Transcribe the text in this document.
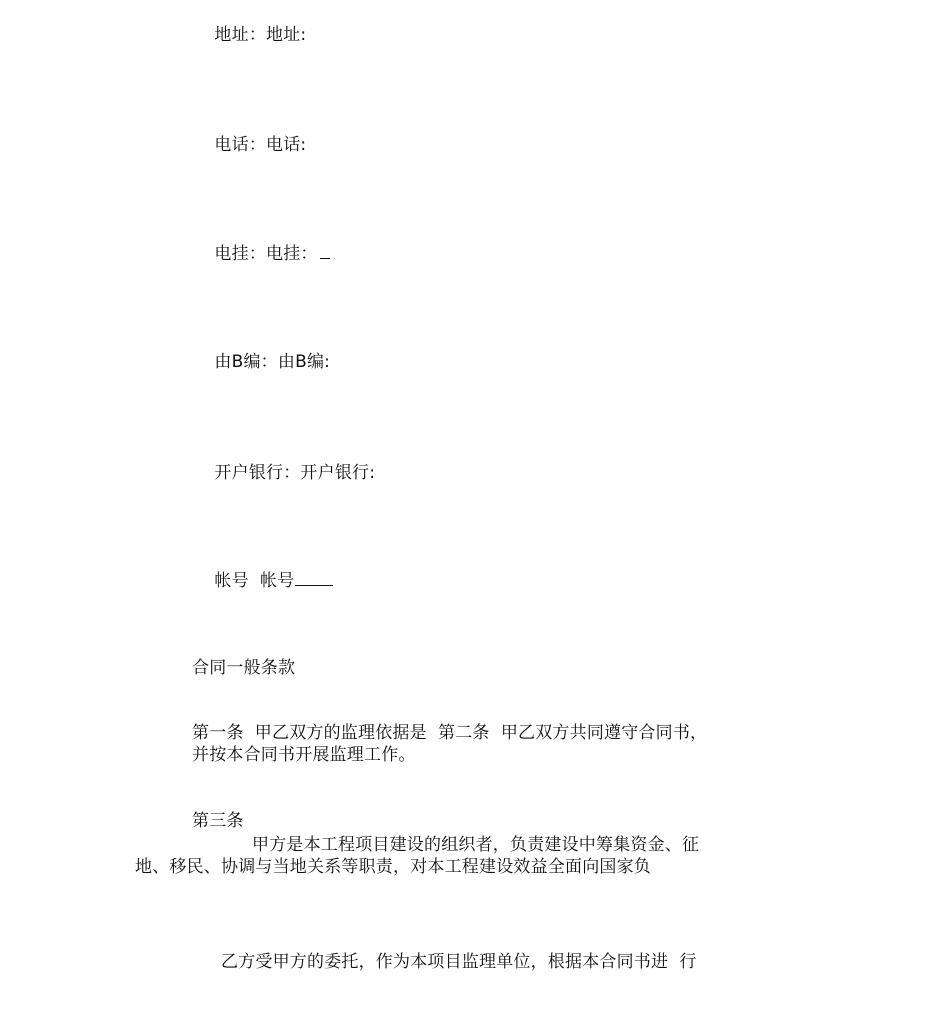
地址：地址:

电话：电话:

电挂：电挂：

由B编：由B编:

开户银行：开户银行:

帐号  帐号

合同一般条款
第一条  甲乙双方的监理依据是  第二条  甲乙双方共同遵守合同书，
并按本合同书开展监理工作。
第三条
甲方是本工程项目建设的组织者，负责建设中筹集资金、征
地、移民、协调与当地关系等职责，对本工程建设效益全面向国家负
乙方受甲方的委托，作为本项目监理单位，根据本合同书进  行
